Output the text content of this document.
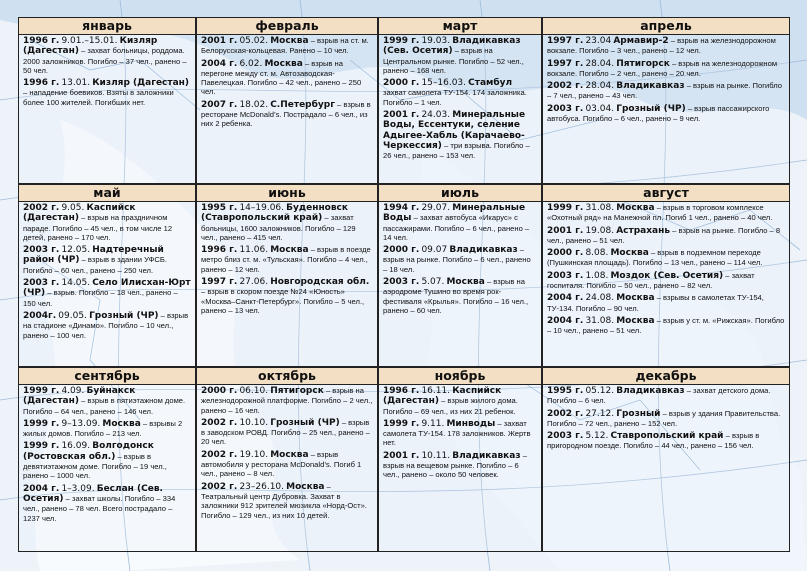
январь
1996 г. 9.01.–15.01. Кизляр (Дагестан) – захват больницы, роддома. 2000 заложников. Погибло – 37 чел., ранено – 50 чел.
1996 г. 13.01. Кизляр (Дагестан) – нападение боевиков. Взяты в заложники более 100 жителей. Погибших нет.
февраль
2001 г. 05.02. Москва – взрыв на ст. м. Белорусская-кольцевая. Ранено – 10 чел.
2004 г. 6.02. Москва – взрыв на перегоне между ст. м. Автозаводская-Павелецкая. Погибло – 42 чел., ранено – 250 чел.
2007 г. 18.02. С.Петербург – взрыв в ресторане McDonald’s. Пострадало – 6 чел., из них 2 ребенка.
март
1999 г. 19.03. Владикавказ (Сев. Осетия) – взрыв на Центральном рынке. Погибло – 52 чел., ранено – 168 чел.
2000 г. 15–16.03. Стамбул захват самолета ТУ-154. 174 заложника. Погибло – 1 чел.
2001 г. 24.03. Минеральные Воды, Ессентуки, селение Адыгее-Хабль (Карачаево-Черкессия) – три взрыва. Погибло – 26 чел., ранено – 153 чел.
апрель
1997 г. 23.04 Армавир-2 – взрыв на железнодорожном вокзале. Погибло – 3 чел., ранено – 12 чел.
1997 г. 28.04. Пятигорск – взрыв на железнодорожном вокзале. Погибло – 2 чел., ранено – 20 чел.
2002 г. 28.04. Владикавказ – взрыв на рынке. Погибло – 7 чел., ранено – 43 чел.
2003 г. 03.04. Грозный (ЧР) – взрыв пассажирского автобуса. Погибло – 6 чел., ранено – 9 чел.
май
2002 г. 9.05. Каспийск (Дагестан) – взрыв на праздничном параде. Погибло – 45 чел., в том числе 12 детей, ранено – 170 чел.
2003 г. 12.05. Надтеречный район (ЧР) – взрыв в здании УФСБ. Погибло – 60 чел., ранено – 250 чел.
2003 г. 14.05. Село Илисхан-Юрт (ЧР) – взрыв. Погибло – 18 чел., ранено – 150 чел.
2004г. 09.05. Грозный (ЧР) – взрыв на стадионе «Динамо». Погибло – 10 чел., ранено – 100 чел.
июнь
1995 г. 14–19.06. Буденновск (Ставропольский край) – захват больницы, 1600 заложников. Погибло – 129 чел., ранено – 415 чел.
1996 г. 11.06. Москва – взрыв в поезде метро близ ст. м. «Тульская». Погибло – 4 чел., ранено – 12 чел.
1997 г. 27.06. Новгородская обл. – взрыв в скором поезде №24 «Юность» «Москва–Санкт-Петербург». Погибло – 5 чел., ранено – 13 чел.
июль
1994 г. 29.07. Минеральные Воды – захват автобуса «Икарус» с пассажирами. Погибло – 6 чел., ранено – 14 чел.
2000 г. 09.07 Владикавказ – взрыв на рынке. Погибло – 6 чел., ранено – 18 чел.
2003 г. 5.07. Москва – взрыв на аэродроме Тушино во время рок-фестиваля «Крылья». Погибло – 16 чел., ранено – 60 чел.
август
1999 г. 31.08. Москва – взрыв в торговом комплексе «Охотный ряд» на Манежной пл. Погиб 1 чел., ранено – 40 чел.
2001 г. 19.08. Астрахань – взрыв на рынке. Погибло – 8 чел., ранено – 51 чел.
2000 г. 8.08. Москва – взрыв в подземном переходе (Пушкинская площадь). Погибло – 13 чел., ранено – 114 чел.
2003 г. 1.08. Моздок (Сев. Осетия) – захват госпиталя. Погибло – 50 чел., ранено – 82 чел.
2004 г. 24.08. Москва – взрывы в самолетах ТУ-154, ТУ-134. Погибло – 90 чел.
2004 г. 31.08. Москва – взрыв у ст. м. «Рижская». Погибло – 10 чел., ранено – 51 чел.
сентябрь
1999 г. 4.09. Буйнакск (Дагестан) – взрыв в пятиэтажном доме. Погибло – 64 чел., ранено – 146 чел.
1999 г. 9–13.09. Москва – взрывы 2 жилых домов. Погибло – 213 чел.
1999 г. 16.09. Волгодонск (Ростовская обл.) – взрыв в девятиэтажном доме. Погибло – 19 чел., ранено – 1000 чел.
2004 г. 1–3.09. Беслан (Сев. Осетия) – захват школы. Погибло – 334 чел., ранено – 78 чел. Всего пострадало – 1237 чел.
октябрь
2000 г. 06.10. Пятигорск – взрыв на железнодорожной платформе. Погибло – 2 чел., ранено – 16 чел.
2002 г. 10.10. Грозный (ЧР) – взрыв в заводском РОВД. Погибло – 25 чел., ранено – 20 чел.
2002 г. 19.10. Москва – взрыв автомобиля у ресторана McDonald’s. Погиб 1 чел., ранено – 8 чел.
2002 г. 23–26.10. Москва – Театральный центр Дубровка. Захват в заложники 912 зрителей мюзикла «Норд-Ост». Погибло – 129 чел., из них 10 детей.
ноябрь
1996 г. 16.11. Каспийск (Дагестан) – взрыв жилого дома. Погибло – 69 чел., из них 21 ребенок.
1999 г. 9.11. Минводы – захват самолета ТУ-154. 178 заложников. Жертв нет.
2001 г. 10.11. Владикавказ – взрыв на вещевом рынке. Погибло – 6 чел., ранено – около 50 человек.
декабрь
1995 г. 05.12. Владикавказ – захват детского дома. Погибло – 6 чел.
2002 г. 27.12. Грозный – взрыв у здания Правительства. Погибло – 72 чел., ранено – 152 чел.
2003 г. 5.12. Ставропольский край – взрыв в пригородном поезде. Погибло – 44 чел., ранено – 156 чел.
